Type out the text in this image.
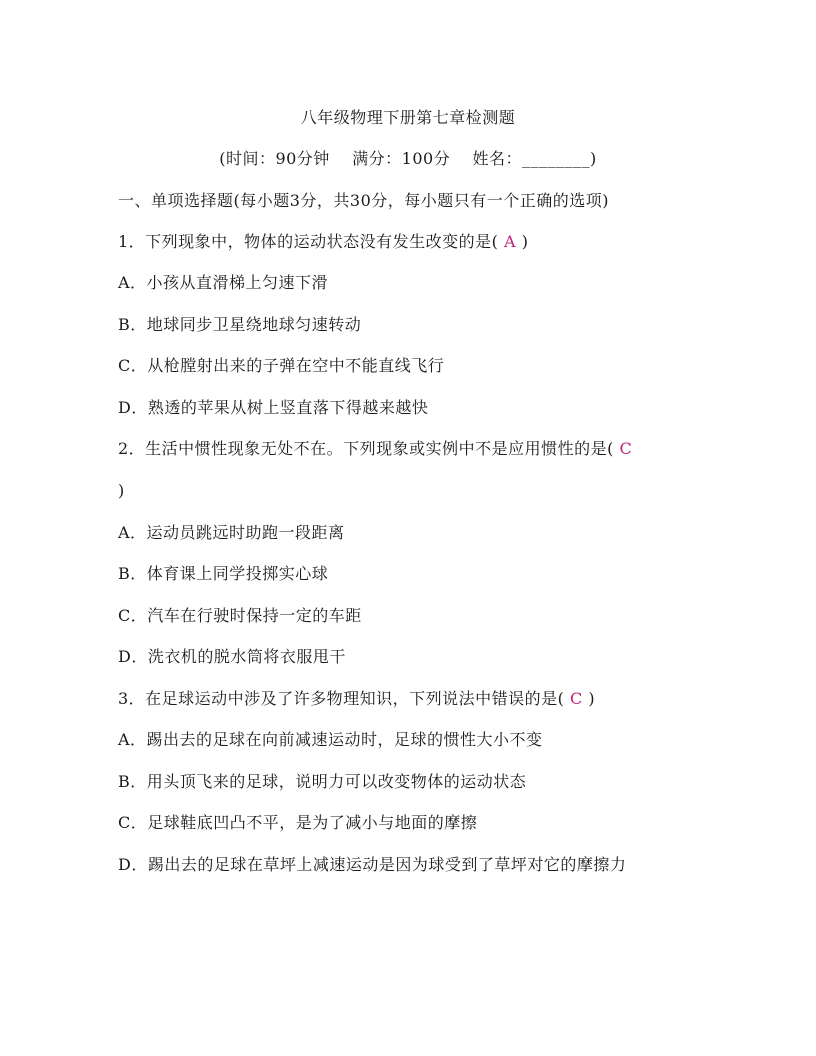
八年级物理下册第七章检测题
(时间：90分钟 满分：100分 姓名：________)
一、单项选择题(每小题3分，共30分，每小题只有一个正确的选项)
1．下列现象中，物体的运动状态没有发生改变的是( A )
A．小孩从直滑梯上匀速下滑
B．地球同步卫星绕地球匀速转动
C．从枪膛射出来的子弹在空中不能直线飞行
D．熟透的苹果从树上竖直落下得越来越快
2．生活中惯性现象无处不在。下列现象或实例中不是应用惯性的是( C
)
A．运动员跳远时助跑一段距离
B．体育课上同学投掷实心球
C．汽车在行驶时保持一定的车距
D．洗衣机的脱水筒将衣服甩干
3．在足球运动中涉及了许多物理知识，下列说法中错误的是( C )
A．踢出去的足球在向前减速运动时，足球的惯性大小不变
B．用头顶飞来的足球，说明力可以改变物体的运动状态
C．足球鞋底凹凸不平，是为了减小与地面的摩擦
D．踢出去的足球在草坪上减速运动是因为球受到了草坪对它的摩擦力
